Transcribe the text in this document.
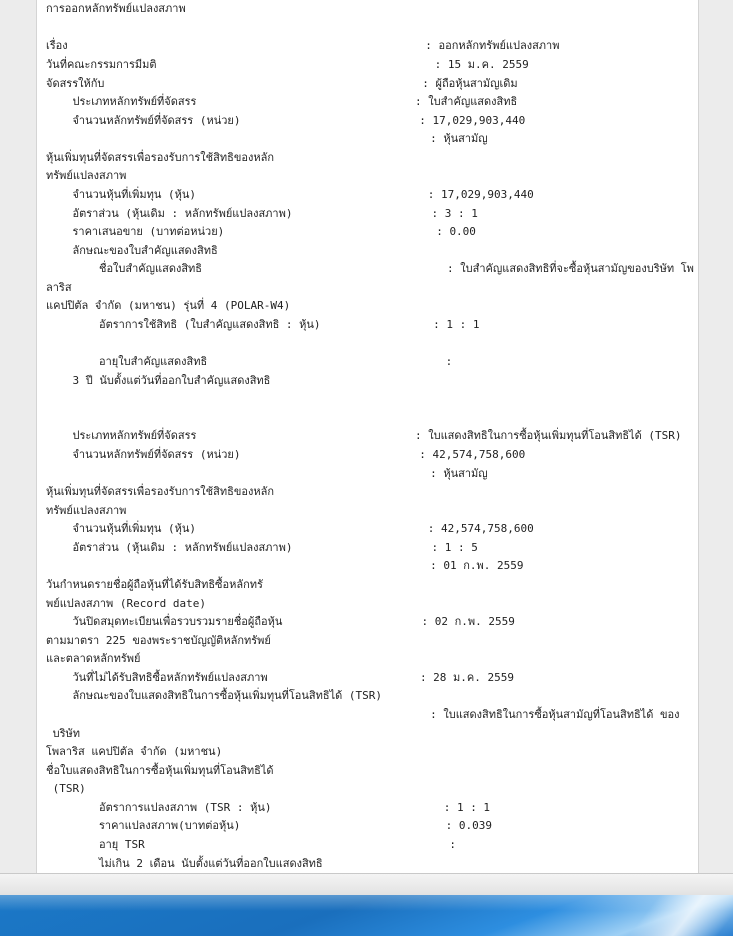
การออกหลักทรัพย์แปลงสภาพ
เรื่อง                                                      : ออกหลักทรัพย์แปลงสภาพ
วันที่คณะกรรมการมีมติ                                          : 15 ม.ค. 2559
จัดสรรให้กับ                                                : ผู้ถือหุ้นสามัญเดิม
ประเภทหลักทรัพย์ที่จัดสรร                                 : ใบสำคัญแสดงสิทธิ
จำนวนหลักทรัพย์ที่จัดสรร (หน่วย)                           : 17,029,903,440
: หุ้นสามัญ
หุ้นเพิ่มทุนที่จัดสรรเพื่อรองรับการใช้สิทธิของหลัก
ทรัพย์แปลงสภาพ
จำนวนหุ้นที่เพิ่มทุน (หุ้น)                                   : 17,029,903,440
อัตราส่วน (หุ้นเดิม : หลักทรัพย์แปลงสภาพ)                     : 3 : 1
ราคาเสนอขาย (บาทต่อหน่วย)                                : 0.00
ลักษณะของใบสำคัญแสดงสิทธิ
ชื่อใบสำคัญแสดงสิทธิ                                     : ใบสำคัญแสดงสิทธิที่จะซื้อหุ้นสามัญของบริษัท โพ
ลาริส
แคปปิตัล จำกัด (มหาชน) รุ่นที่ 4 (POLAR-W4)
อัตราการใช้สิทธิ (ใบสำคัญแสดงสิทธิ : หุ้น)                 : 1 : 1
อายุใบสำคัญแสดงสิทธิ                                    :
3 ปี นับตั้งแต่วันที่ออกใบสำคัญแสดงสิทธิ
ประเภทหลักทรัพย์ที่จัดสรร                                 : ใบแสดงสิทธิในการซื้อหุ้นเพิ่มทุนที่โอนสิทธิได้ (TSR)
จำนวนหลักทรัพย์ที่จัดสรร (หน่วย)                           : 42,574,758,600
: หุ้นสามัญ
หุ้นเพิ่มทุนที่จัดสรรเพื่อรองรับการใช้สิทธิของหลัก
ทรัพย์แปลงสภาพ
จำนวนหุ้นที่เพิ่มทุน (หุ้น)                                   : 42,574,758,600
อัตราส่วน (หุ้นเดิม : หลักทรัพย์แปลงสภาพ)                     : 1 : 5
: 01 ก.พ. 2559
วันกำหนดรายชื่อผู้ถือหุ้นที่ได้รับสิทธิซื้อหลักทรั
พย์แปลงสภาพ (Record date)
วันปิดสมุดทะเบียนเพื่อรวบรวมรายชื่อผู้ถือหุ้น                     : 02 ก.พ. 2559
ตามมาตรา 225 ของพระราชบัญญัติหลักทรัพย์
และตลาดหลักทรัพย์
วันที่ไม่ได้รับสิทธิซื้อหลักทรัพย์แปลงสภาพ                       : 28 ม.ค. 2559
ลักษณะของใบแสดงสิทธิในการซื้อหุ้นเพิ่มทุนที่โอนสิทธิได้ (TSR)
: ใบแสดงสิทธิในการซื้อหุ้นสามัญที่โอนสิทธิได้ ของ
บริษัท
โพลาริส แคปปิตัล จำกัด (มหาชน)
ชื่อใบแสดงสิทธิในการซื้อหุ้นเพิ่มทุนที่โอนสิทธิได้
(TSR)
อัตราการแปลงสภาพ (TSR : หุ้น)                          : 1 : 1
ราคาแปลงสภาพ(บาทต่อหุ้น)                               : 0.039
อายุ TSR                                              :
ไม่เกิน 2 เดือน นับตั้งแต่วันที่ออกใบแสดงสิทธิ
